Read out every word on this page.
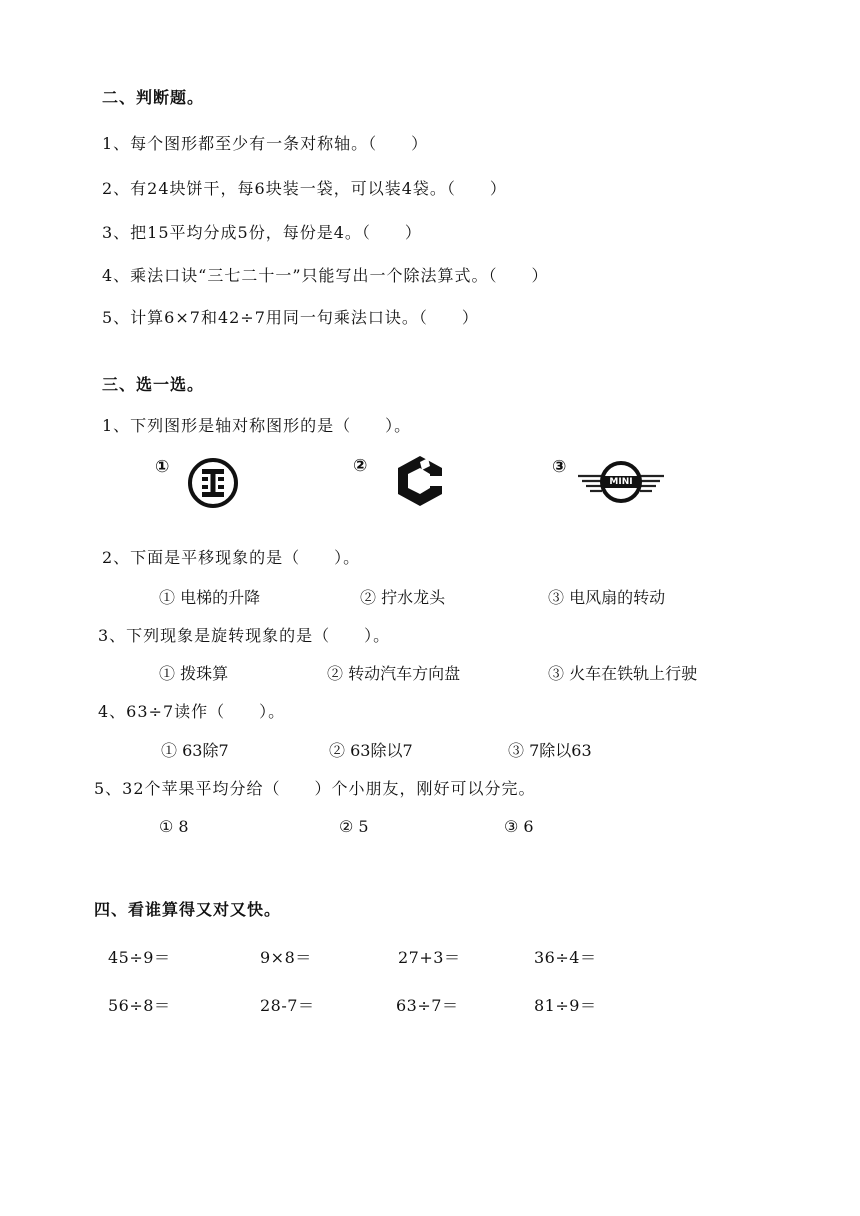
二、判断题。
1、每个图形都至少有一条对称轴。（　　）
2、有24块饼干，每6块装一袋，可以装4袋。（　　）
3、把15平均分成5份，每份是4。（　　）
4、乘法口诀“三七二十一”只能写出一个除法算式。（　　）
5、计算6×7和42÷7用同一句乘法口诀。（　　）
三、选一选。
1、下列图形是轴对称图形的是（　　）。
①	②	③
MINI
2、下面是平移现象的是（　　）。
① 电梯的升降	② 拧水龙头	③ 电风扇的转动
3、下列现象是旋转现象的是（　　）。
① 拨珠算	② 转动汽车方向盘	③ 火车在铁轨上行驶
4、63÷7读作（　　）。
① 63除7	② 63除以7	③ 7除以63
5、32个苹果平均分给（　　）个小朋友，刚好可以分完。
① 8	② 5	③ 6
四、看谁算得又对又快。
45÷9＝	9×8＝	27+3＝	36÷4＝
56÷8＝	28-7＝	63÷7＝	81÷9＝
